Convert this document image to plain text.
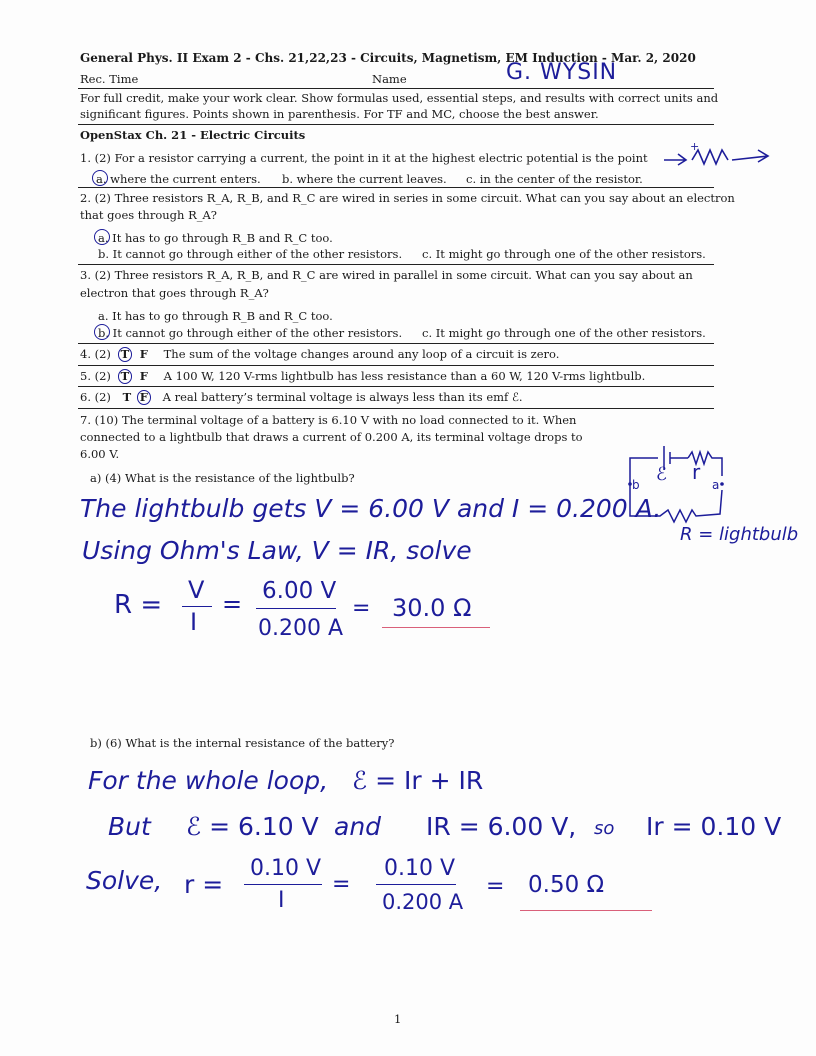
General Phys. II Exam 2 - Chs. 21,22,23 - Circuits, Magnetism, EM Induction - Mar. 2, 2020
Rec. Time	Name	G. WYSIN
For full credit, make your work clear. Show formulas used, essential steps, and results with correct units and
significant figures. Points shown in parenthesis. For TF and MC, choose the best answer.
OpenStax Ch. 21 - Electric Circuits
1. (2) For a resistor carrying a current, the point in it at the highest electric potential is the point
+
a. where the current enters. b. where the current leaves. c. in the center of the resistor.
2. (2) Three resistors R_A, R_B, and R_C are wired in series in some circuit. What can you say about an electron
that goes through R_A?
a. It has to go through R_B and R_C too.
b. It cannot go through either of the other resistors. c. It might go through one of the other resistors.
3. (2) Three resistors R_A, R_B, and R_C are wired in parallel in some circuit. What can you say about an
electron that goes through R_A?
a. It has to go through R_B and R_C too.
b. It cannot go through either of the other resistors. c. It might go through one of the other resistors.
4. (2) T F The sum of the voltage changes around any loop of a circuit is zero.
5. (2) T F A 100 W, 120 V-rms lightbulb has less resistance than a 60 W, 120 V-rms lightbulb.
6. (2) T F A real battery’s terminal voltage is always less than its emf ℰ.
7. (10) The terminal voltage of a battery is 6.10 V with no load connected to it. When
connected to a lightbulb that draws a current of 0.200 A, its terminal voltage drops to
6.00 V.
a) (4) What is the resistance of the lightbulb?	ℰ r
b	a
R = lightbulb
The lightbulb gets V = 6.00 V and I = 0.200 A.
Using Ohm's Law, V = IR, solve
R = V
I
= 6.00 V
0.200 A
= 30.0 Ω
b) (6) What is the internal resistance of the battery?
For the whole loop, ℰ = Ir + IR
But ℰ = 6.10 V and IR = 6.00 V, so Ir = 0.10 V
Solve, r =
0.10 V
I
=
0.10 V
0.200 A
= 0.50 Ω
1
